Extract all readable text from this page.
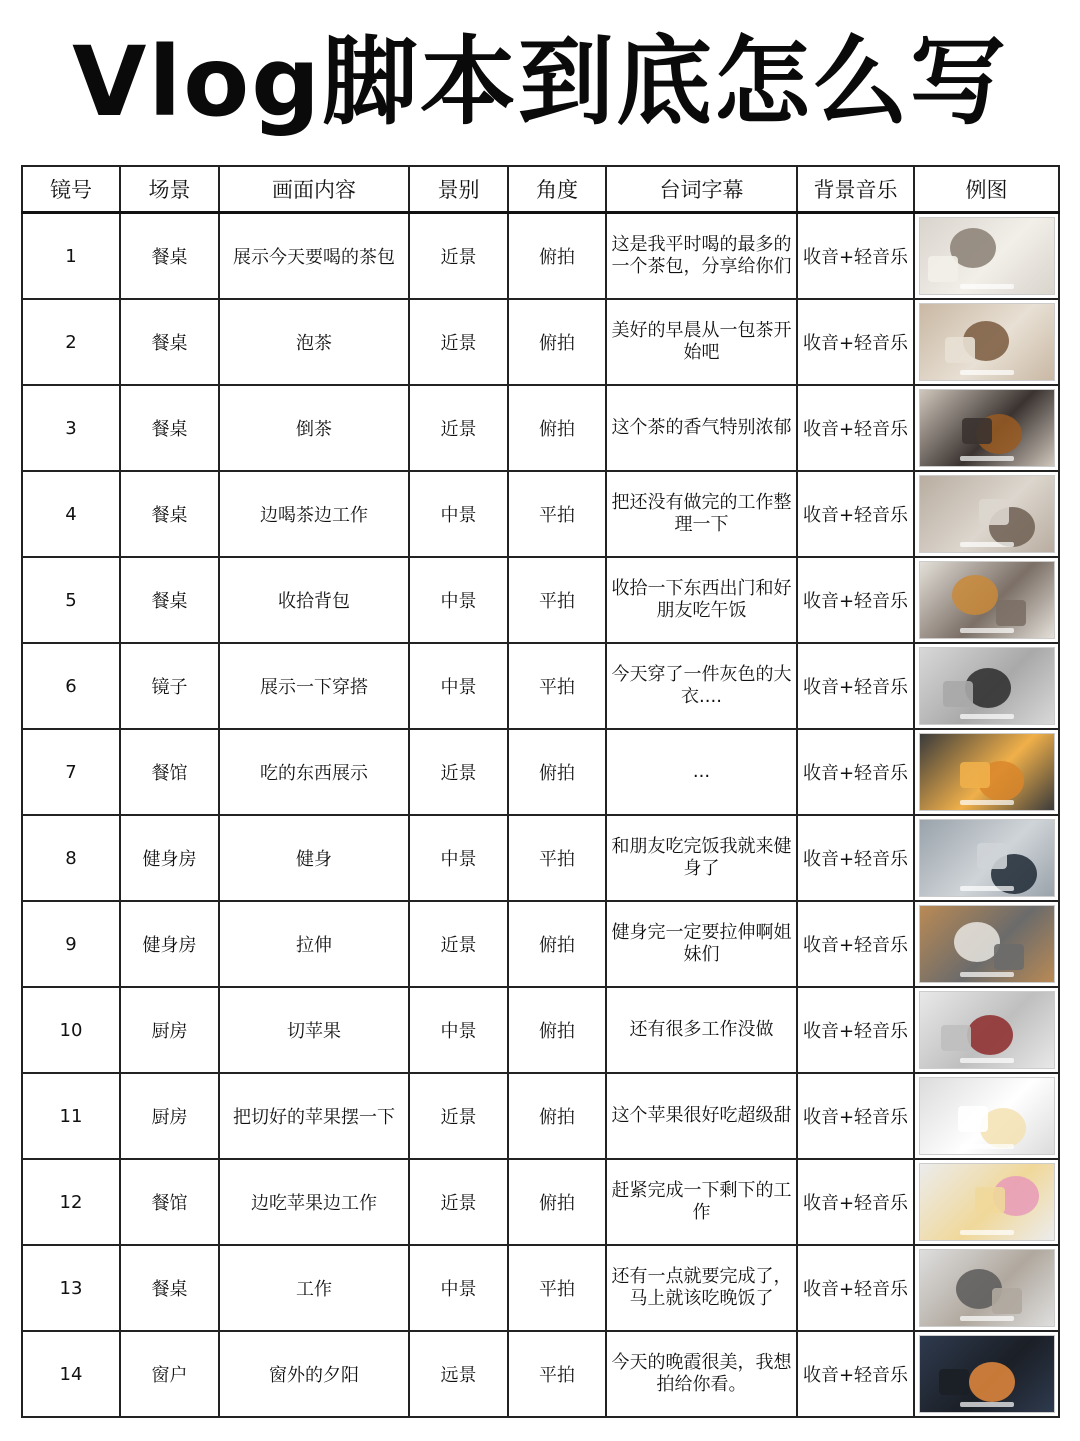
Vlog脚本到底怎么写
镜号	场景	画面内容	景别	角度	台词字幕	背景音乐	例图
1	餐桌	展示今天要喝的茶包	近景	俯拍	这是我平时喝的最多的一个茶包，分享给你们	收音+轻音乐	

2	餐桌	泡茶	近景	俯拍	美好的早晨从一包茶开始吧	收音+轻音乐	

3	餐桌	倒茶	近景	俯拍	这个茶的香气特别浓郁	收音+轻音乐	

4	餐桌	边喝茶边工作	中景	平拍	把还没有做完的工作整理一下	收音+轻音乐	

5	餐桌	收拾背包	中景	平拍	收拾一下东西出门和好朋友吃午饭	收音+轻音乐	

6	镜子	展示一下穿搭	中景	平拍	今天穿了一件灰色的大衣....	收音+轻音乐	

7	餐馆	吃的东西展示	近景	俯拍	...	收音+轻音乐	

8	健身房	健身	中景	平拍	和朋友吃完饭我就来健身了	收音+轻音乐	

9	健身房	拉伸	近景	俯拍	健身完一定要拉伸啊姐妹们	收音+轻音乐	

10	厨房	切苹果	中景	俯拍	还有很多工作没做	收音+轻音乐	

11	厨房	把切好的苹果摆一下	近景	俯拍	这个苹果很好吃超级甜	收音+轻音乐	

12	餐馆	边吃苹果边工作	近景	俯拍	赶紧完成一下剩下的工作	收音+轻音乐	

13	餐桌	工作	中景	平拍	还有一点就要完成了，马上就该吃晚饭了	收音+轻音乐	

14	窗户	窗外的夕阳	远景	平拍	今天的晚霞很美，我想拍给你看。	收音+轻音乐	
